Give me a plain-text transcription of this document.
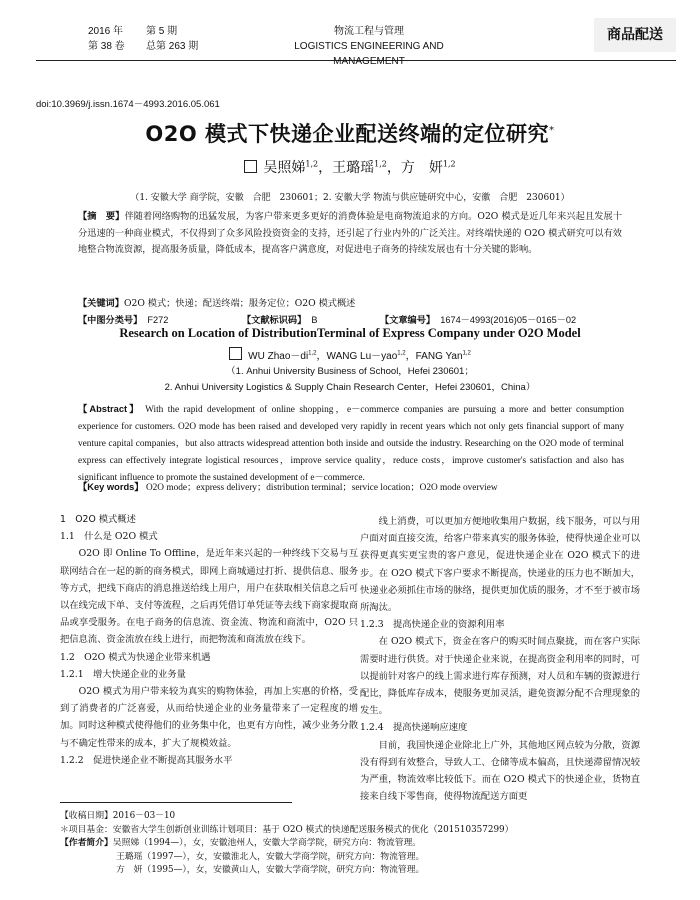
2016 年 第 5 期
第 38 卷 总第 263 期
物流工程与管理
LOGISTICS ENGINEERING AND MANAGEMENT
商品配送
doi:10.3969/j.issn.1674－4993.2016.05.061
O2O 模式下快递企业配送终端的定位研究*
吴照娣$^{1,2}$，王璐瑶$^{1,2}$，方　妍$^{1,2}$
（1. 安徽大学 商学院，安徽　合肥　230601；2. 安徽大学 物流与供应链研究中心，安徽　合肥　230601）
【摘　要】伴随着网络购物的迅猛发展，为客户带来更多更好的消费体验是电商物流追求的方向。O2O 模式是近几年来兴起且发展十分迅速的一种商业模式，不仅得到了众多风险投资资金的支持，还引起了行业内外的广泛关注。对终端快递的 O2O 模式研究可以有效地整合物流资源，提高服务质量，降低成本，提高客户满意度，对促进电子商务的持续发展也有十分关键的影响。
【关键词】O2O 模式；快递；配送终端；服务定位；O2O 模式概述
【中图分类号】 F272	【文献标识码】 B	【文章编号】 1674－4993(2016)05－0165－02
Research on Location of DistributionTerminal of Express Company under O2O Model
WU Zhao－di$^{1,2}$，WANG Lu－yao$^{1,2}$，FANG Yan$^{1,2}$
（1. Anhui University Business of School，Hefei 230601；
2. Anhui University Logistics & Supply Chain Research Center，Hefei 230601，China）
【Abstract】 With the rapid development of online shopping，e－commerce companies are pursuing a more and better consumption experience for customers. O2O mode has been raised and developed very rapidly in recent years which not only gets financial support of many venture capital companies，but also attracts widespread attention both inside and outside the industry. Researching on the O2O mode of terminal express can effectively integrate logistical resources，improve service quality，reduce costs，improve customer's satisfaction and also has significant influence to promote the sustained development of e－commerce.
【Key words】 O2O mode；express delivery；distribution terminal；service location；O2O mode overview

1　O2O 模式概述

1.1　什么是 O2O 模式

O2O 即 Online To Offline，是近年来兴起的一种终线下交易与互联网结合在一起的新的商务模式，即网上商城通过打折、提供信息、服务等方式，把线下商店的消息推送给线上用户，用户在获取相关信息之后可以在线完成下单、支付等流程，之后再凭借订单凭证等去线下商家提取商品或享受服务。在电子商务的信息流、资金流、物流和商流中，O2O 只把信息流、资金流放在线上进行，而把物流和商流放在线下。

1.2　O2O 模式为快递企业带来机遇

1.2.1　增大快递企业的业务量

O2O 模式为用户带来较为真实的购物体验，再加上实惠的价格，受到了消费者的广泛喜爱，从而给快递企业的业务量带来了一定程度的增加。同时这种模式使得他们的业务集中化，也更有方向性，减少业务分散与不确定性带来的成本，扩大了规模效益。

1.2.2　促进快递企业不断提高其服务水平

线上消费，可以更加方便地收集用户数据，线下服务，可以与用户面对面直接交流，给客户带来真实的服务体验，使得快递企业可以获得更真实更宝贵的客户意见，促进快递企业在 O2O 模式下的进步。在 O2O 模式下客户要求不断提高，快递业的压力也不断加大，快递业必须抓住市场的脉络，提供更加优质的服务，才不至于被市场所淘汰。

1.2.3　提高快递企业的资源利用率

在 O2O 模式下，资金在客户的购买时间点聚拢，而在客户实际需要时进行供货。对于快递企业来说，在提高资金利用率的同时，可以提前针对客户的线上需求进行库存预测，对人员和车辆的资源进行配比，降低库存成本，使服务更加灵活，避免资源分配不合理现象的发生。

1.2.4　提高快递响应速度

目前，我国快递企业除北上广外，其他地区网点较为分散，资源没有得到有效整合，导致人工、仓储等成本偏高，且快递滞留情况较为严重，物流效率比较低下。而在 O2O 模式下的快递企业，货物直接来自线下零售商，使得物流配送方面更

【收稿日期】2016－03－10

＊项目基金：安徽省大学生创新创业训练计划项目：基于 O2O 模式的快递配送服务模式的优化（201510357299）

【作者简介】吴照娣（1994—），女，安徽池州人，安徽大学商学院，研究方向：物流管理。

王璐瑶（1997—），女，安徽淮北人，安徽大学商学院，研究方向：物流管理。

方　妍（1995—），女，安徽黄山人，安徽大学商学院，研究方向：物流管理。
